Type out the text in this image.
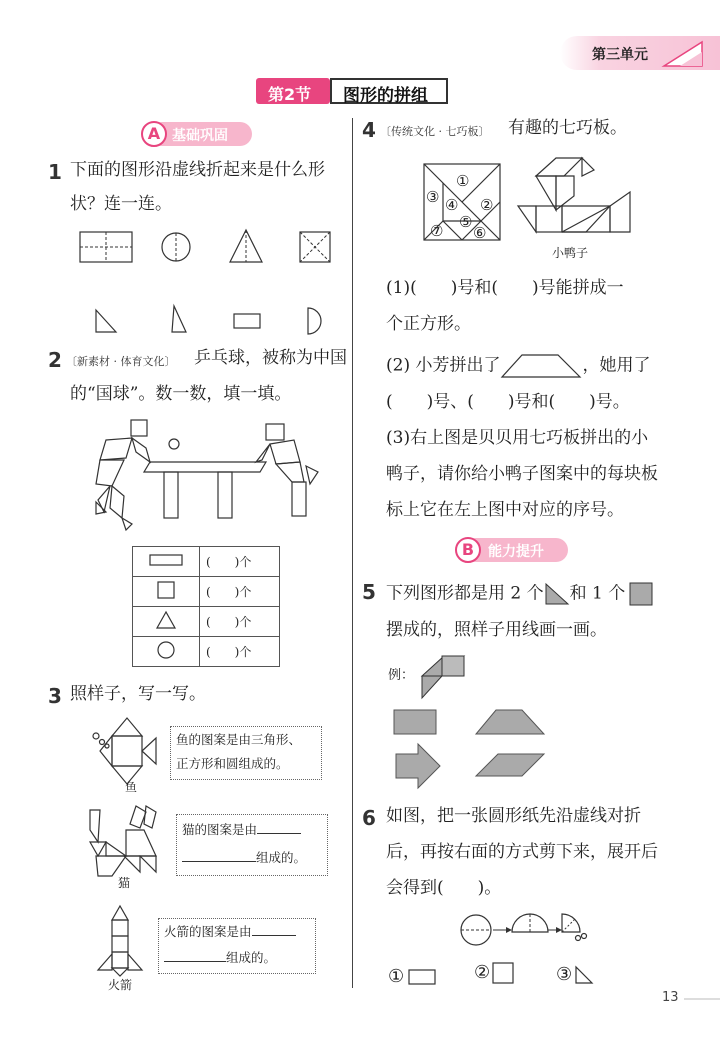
第三单元
第2节 图形的拼组
A 基础巩固
1 下面的图形沿虚线折起来是什么形
状？连一连。
2 〔新素材 · 体育文化〕 乒乓球，被称为中国
的“国球”。数一数，填一填。
	(　　)个
	(　　)个
	(　　)个
	(　　)个
3 照样子，写一写。
鱼
鱼的图案是由三角形、
正方形和圆组成的。
猫
猫的图案是由
组成的。
火箭
火箭的图案是由
组成的。
4 〔传统文化 · 七巧板〕 有趣的七巧板。
①
②
③ ④
⑤
⑥
⑦
小鸭子
(1)(　　)号和(　　)号能拼成一
个正方形。
(2) 小芳拼出了	，她用了
(　　)号、(　　)号和(　　)号。
(3)右上图是贝贝用七巧板拼出的小
鸭子，请你给小鸭子图案中的每块板
标上它在左上图中对应的序号。
B 能力提升
5 下列图形都是用 2 个 和 1 个
摆成的，照样子用线画一画。
例：
6 如图，把一张圆形纸先沿虚线对折
后，再按右面的方式剪下来，展开后
会得到(　　)。
①	②	③
13
